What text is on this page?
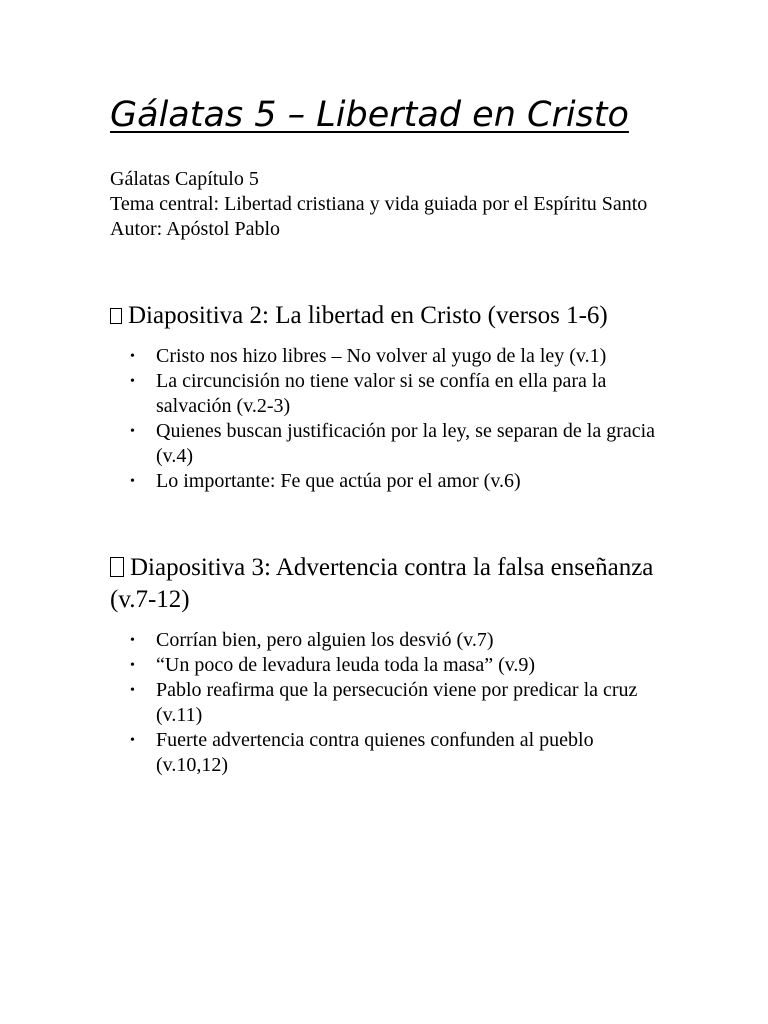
Gálatas 5 – Libertad en Cristo
Gálatas Capítulo 5
Tema central: Libertad cristiana y vida guiada por el Espíritu Santo
Autor: Apóstol Pablo
Diapositiva 2: La libertad en Cristo (versos 1-6)
• Cristo nos hizo libres – No volver al yugo de la ley (v.1)
• La circuncisión no tiene valor si se confía en ella para la salvación (v.2-3)
• Quienes buscan justificación por la ley, se separan de la gracia (v.4)
• Lo importante: Fe que actúa por el amor (v.6)
Diapositiva 3: Advertencia contra la falsa enseñanza (v.7-12)
• Corrían bien, pero alguien los desvió (v.7)
• “Un poco de levadura leuda toda la masa” (v.9)
• Pablo reafirma que la persecución viene por predicar la cruz (v.11)
• Fuerte advertencia contra quienes confunden al pueblo (v.10,12)
